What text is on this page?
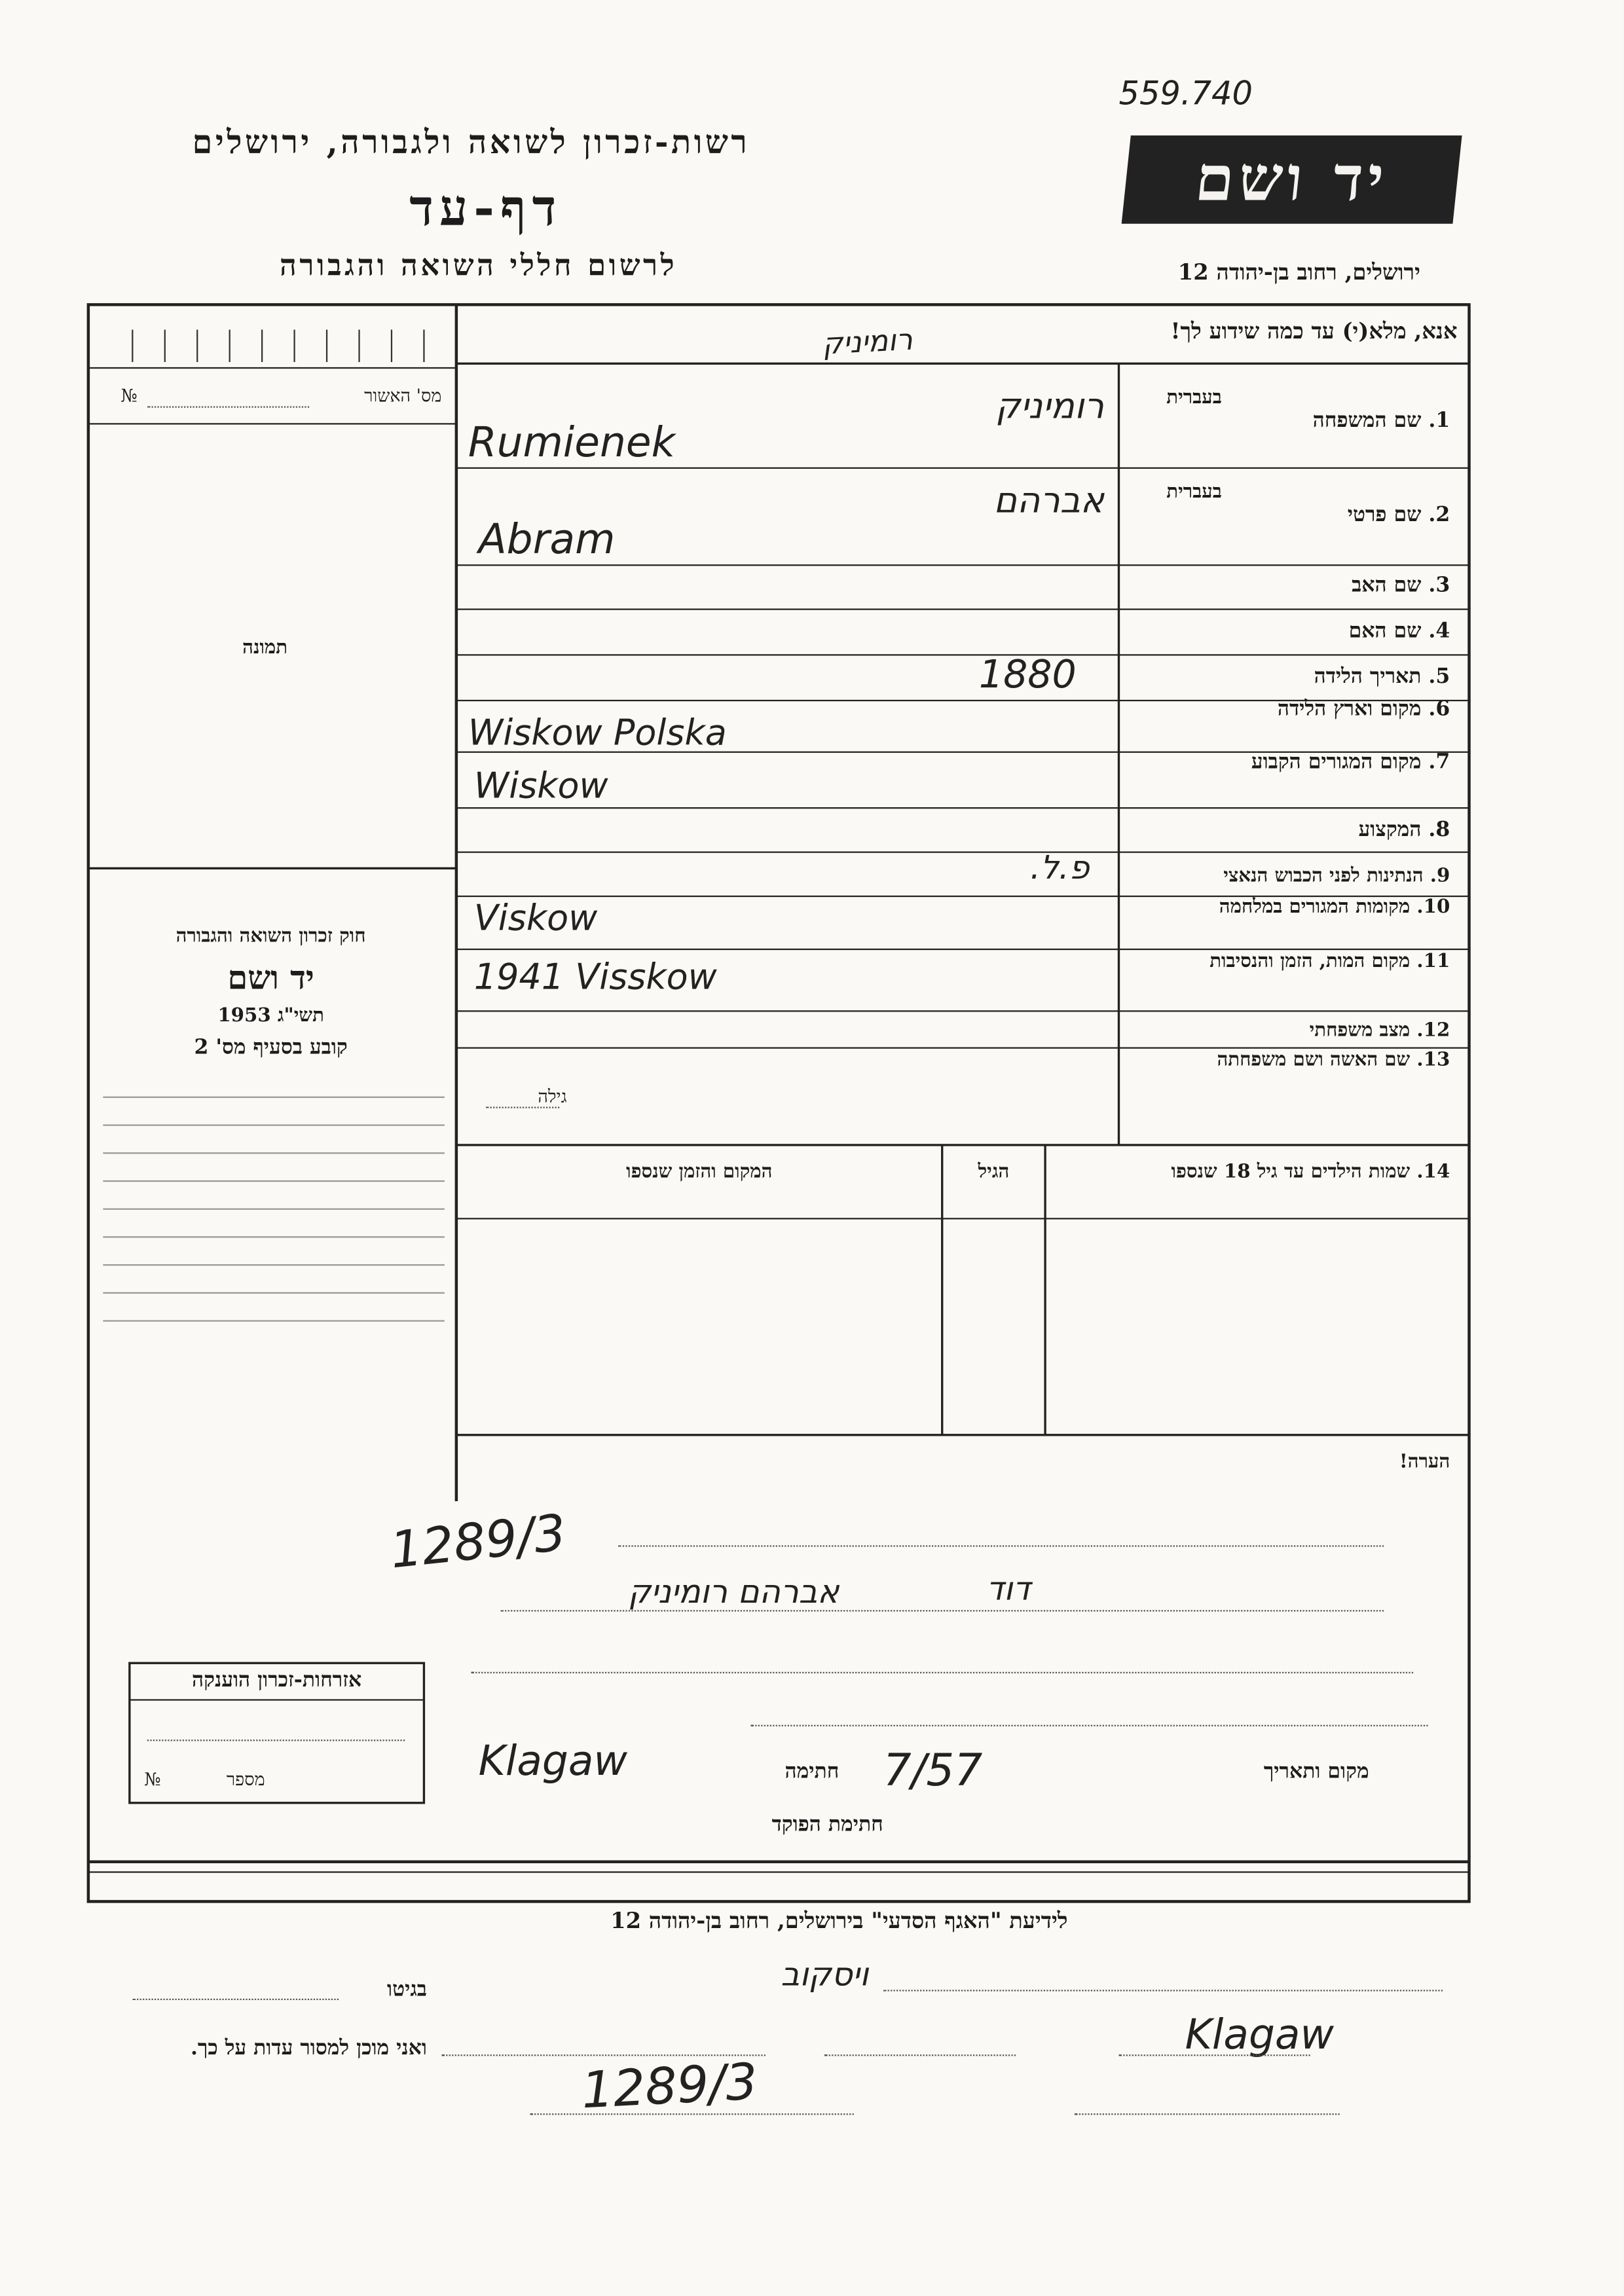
559.740
רשות-זכרון לשואה ולגבורה, ירושלים
דף-עד
לרשום חללי השואה והגבורה
יד ושם
ירושלים, רחוב בן-יהודה 12
אנא, מלא(י) עד כמה שידוע לך!
רומיניק
מס' האשור
№
תמונה
בעברית
1. שם המשפחה
בעברית
2. שם פרטי
3. שם האב
4. שם האם
5. תאריך הלידה
6. מקום וארץ הלידה
7. מקום המגורים הקבוע
8. המקצוע
9. הנתינות לפני הכבוש הנאצי
10. מקומות המגורים במלחמה
11. מקום המות, הזמן והנסיבות
12. מצב משפחתי
13. שם האשה ושם משפחתה
רומיניק
Rumienek
אברהם
Abram
1880
Wiskow Polska
Wiskow
פ.ל.
Viskow
1941 Visskow
גילה
14. שמות הילדים עד גיל 18 שנספו
הגיל
המקום והזמן שנספו
הערה!
חוק זכרון השואה והגבורה
יד ושם
1953 תשי"ג
קובע בסעיף מס' 2
1289/3
דוד
אברהם רומיניק
אזרחות-זכרון הוענקה
מספר
№	מקום ותאריך
7/57
חתימה
Klagaw
חתימת הפוקד
לידיעת "האגף הסדעי" בירושלים, רחוב בן-יהודה 12
ויסקוב
בגיטו
Klagaw
ואני מוכן למסור עדות על כך.
1289/3
